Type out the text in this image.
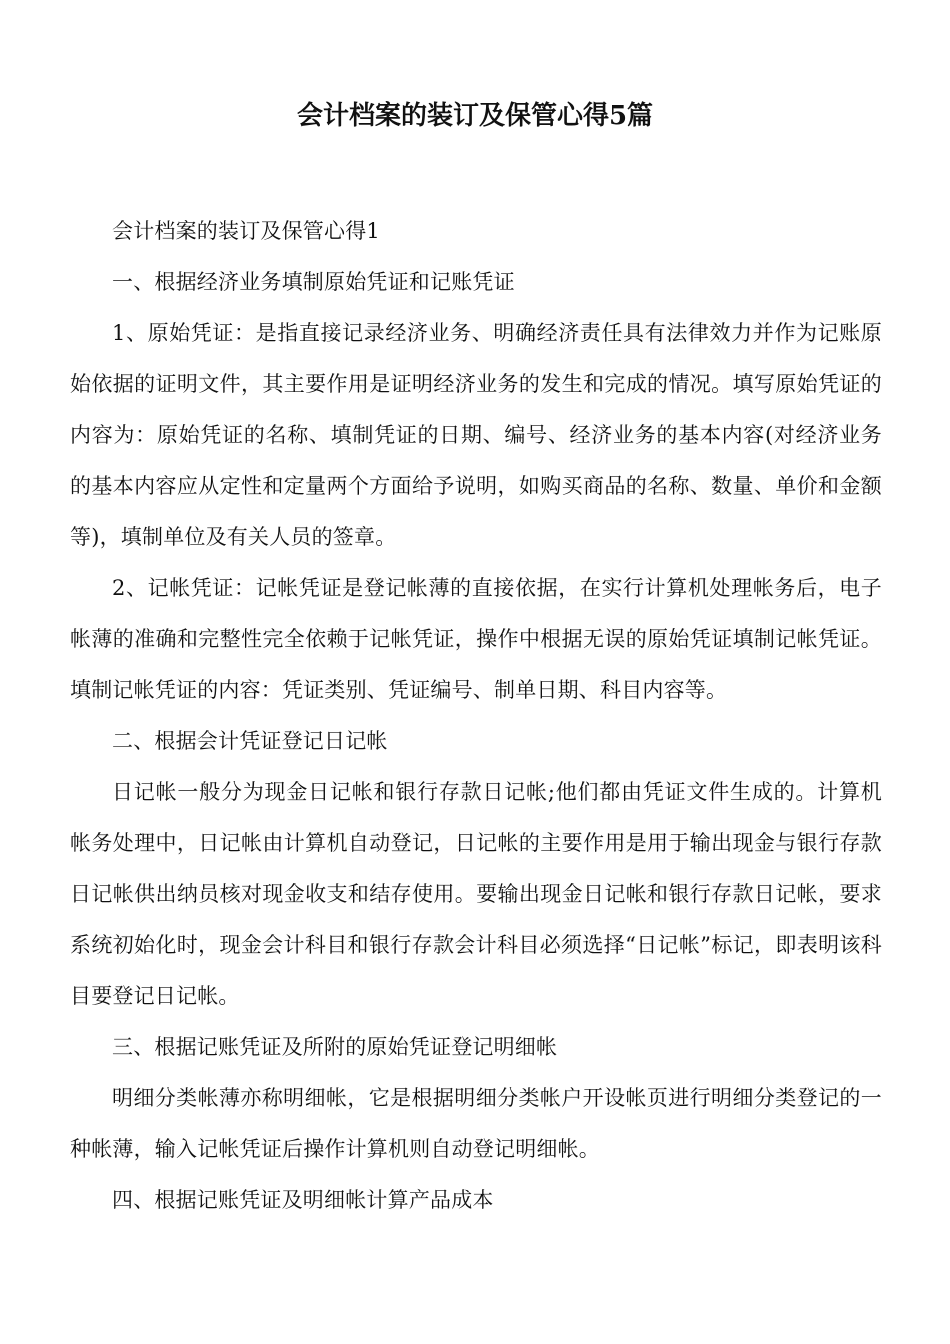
会计档案的装订及保管心得5篇

会计档案的装订及保管心得1

一、根据经济业务填制原始凭证和记账凭证

1、原始凭证：是指直接记录经济业务、明确经济责任具有法律效力并作为记账原始依据的证明文件，其主要作用是证明经济业务的发生和完成的情况。填写原始凭证的内容为：原始凭证的名称、填制凭证的日期、编号、经济业务的基本内容(对经济业务的基本内容应从定性和定量两个方面给予说明，如购买商品的名称、数量、单价和金额等)，填制单位及有关人员的签章。

2、记帐凭证：记帐凭证是登记帐薄的直接依据，在实行计算机处理帐务后，电子帐薄的准确和完整性完全依赖于记帐凭证，操作中根据无误的原始凭证填制记帐凭证。填制记帐凭证的内容：凭证类别、凭证编号、制单日期、科目内容等。

二、根据会计凭证登记日记帐

日记帐一般分为现金日记帐和银行存款日记帐;他们都由凭证文件生成的。计算机帐务处理中，日记帐由计算机自动登记，日记帐的主要作用是用于输出现金与银行存款日记帐供出纳员核对现金收支和结存使用。要输出现金日记帐和银行存款日记帐，要求系统初始化时，现金会计科目和银行存款会计科目必须选择“日记帐”标记，即表明该科目要登记日记帐。

三、根据记账凭证及所附的原始凭证登记明细帐

明细分类帐薄亦称明细帐，它是根据明细分类帐户开设帐页进行明细分类登记的一种帐薄，输入记帐凭证后操作计算机则自动登记明细帐。

四、根据记账凭证及明细帐计算产品成本
